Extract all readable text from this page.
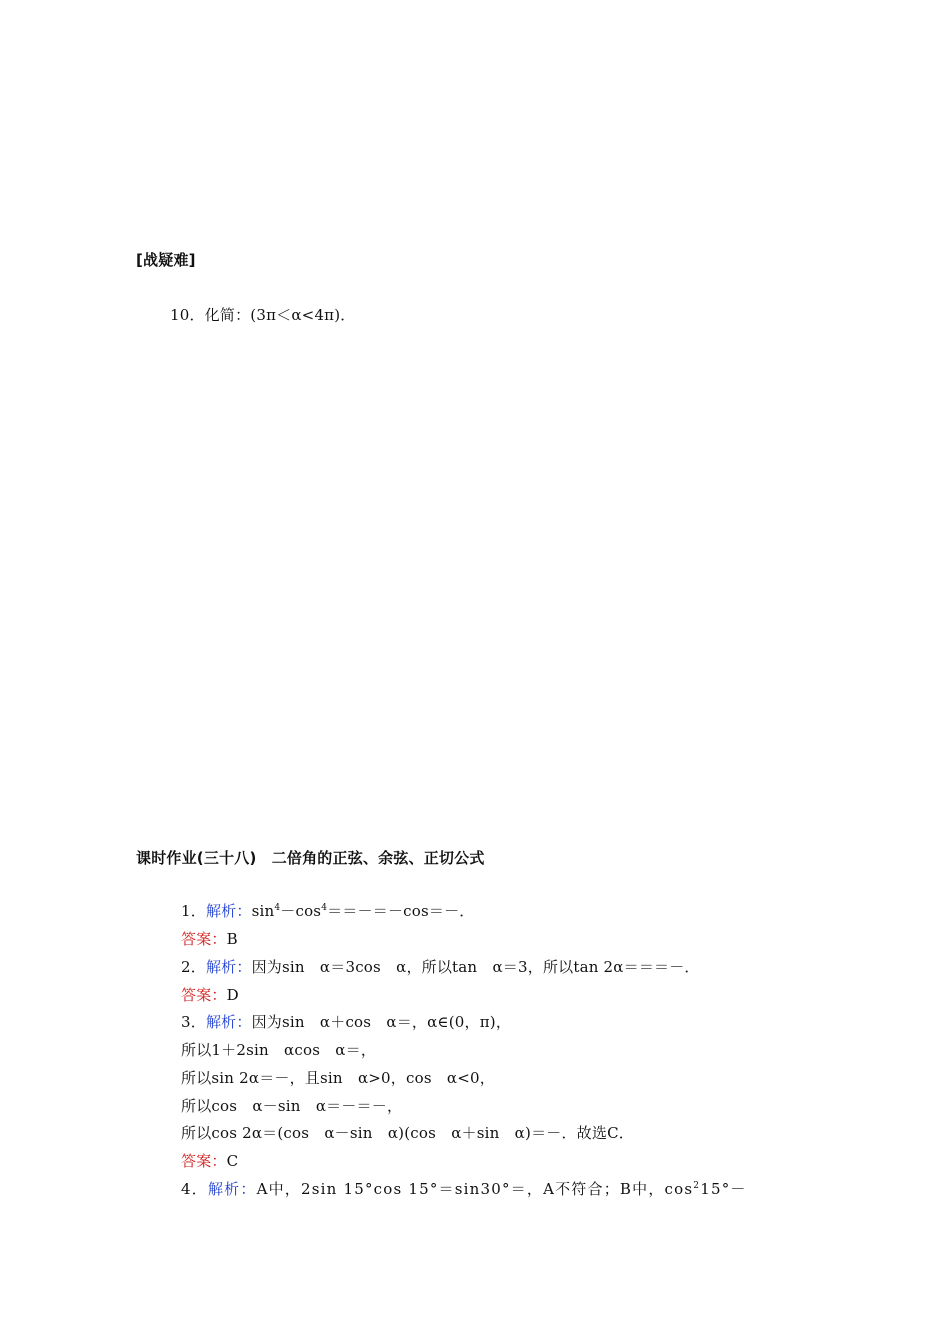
[战疑难]
10．化简：(3π＜α<4π)．
课时作业(三十八)　二倍角的正弦、余弦、正切公式
1．解析：$\sin^4-\cos^4==-=-\cos=-$．
答案：B
2．解析：因为sin　α＝3cos　α，所以tan　α＝3，所以tan 2α＝＝＝－．
答案：D
3．解析：因为sin　α＋cos　α＝，α∈(0，π)，
所以1＋2sin　αcos　α＝，
所以sin 2α＝－，且sin　α>0，cos　α<0，
所以cos　α－sin　α＝－＝－，
所以cos 2α＝(cos　α－sin　α)(cos　α＋sin　α)＝－．故选C．
答案：C
4．解析：A中，2sin 15°cos 15°＝sin30°＝，A不符合；B中，$\cos^215^\circ-$
